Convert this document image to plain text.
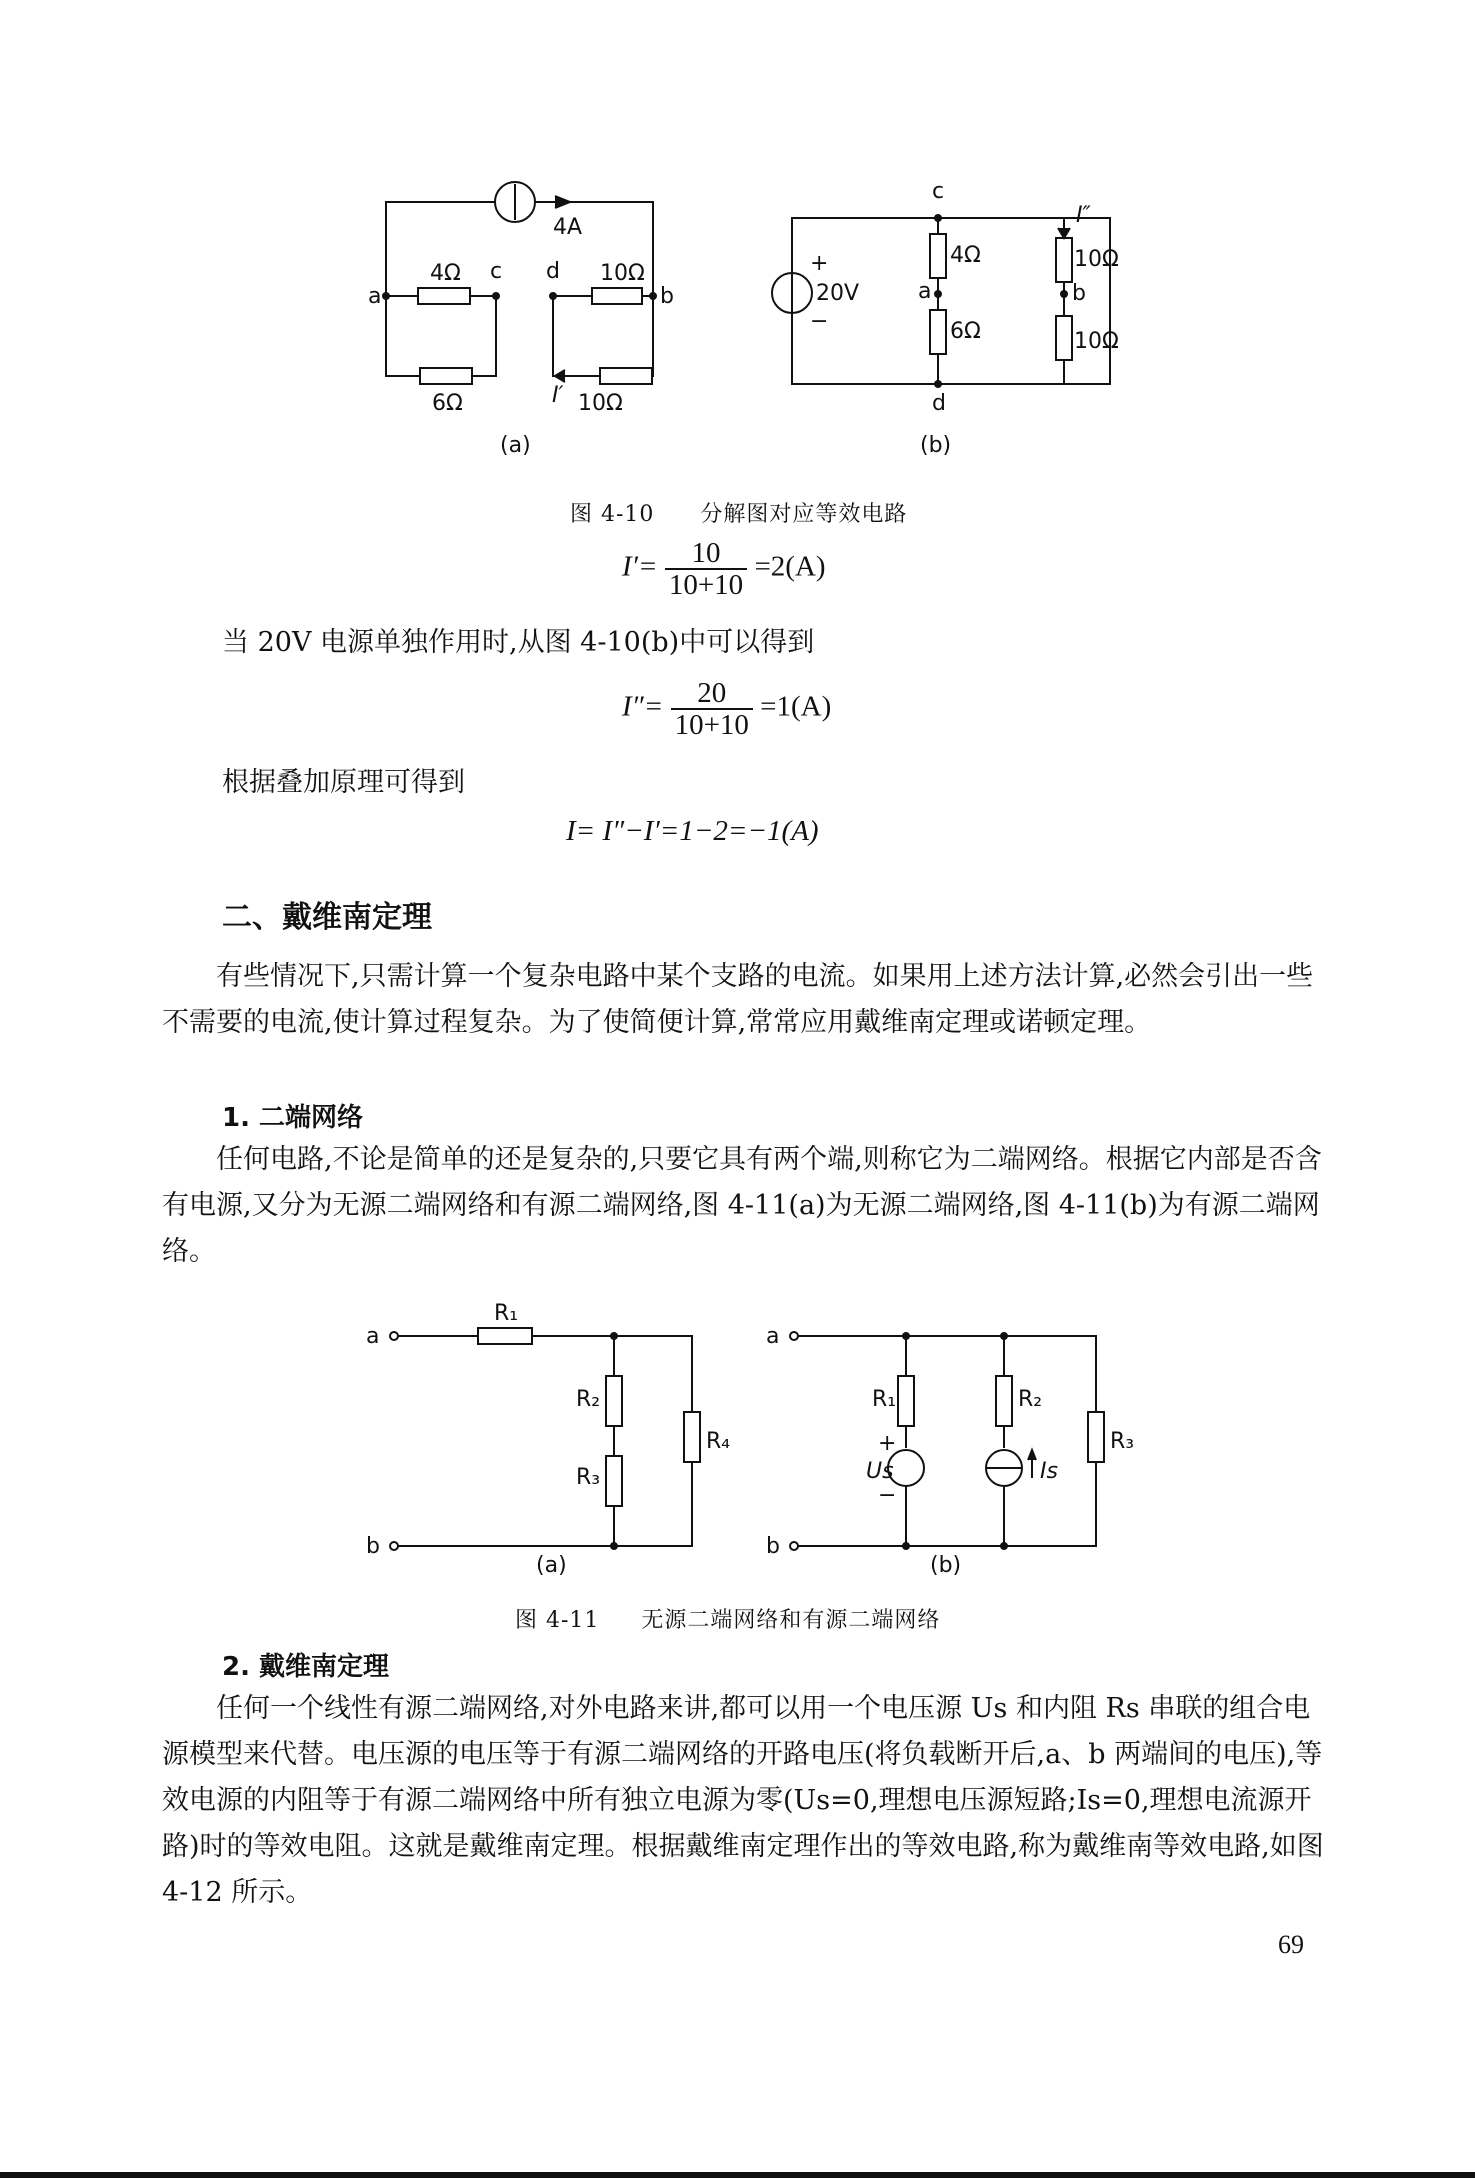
4A
4Ω
6Ω
10Ω
10Ω
a
c d
b
I′
(a)
c
d
a	b
4Ω
6Ω
10Ω
10Ω
I″
20V
+
−
(b)
图 4-10 分解图对应等效电路
$I'= \frac{10}{10+10} =2(A)$
当 20V 电源单独作用时,从图 4-10(b)中可以得到
$I''= \frac{20}{10+10} =1(A)$
根据叠加原理可得到
I= I″−I′=1−2=−1(A)
二、戴维南定理
有些情况下,只需计算一个复杂电路中某个支路的电流。如果用上述方法计算,必然会引出一些不需要的电流,使计算过程复杂。为了使简便计算,常常应用戴维南定理或诺顿定理。
1. 二端网络
任何电路,不论是简单的还是复杂的,只要它具有两个端,则称它为二端网络。根据它内部是否含有电源,又分为无源二端网络和有源二端网络,图 4-11(a)为无源二端网络,图 4-11(b)为有源二端网络。
a
b
R₁
R₂
R₃
R₄
(a)
a
b
R₁	R₂
R₃
+
Us
−
Is
(b)
图 4-11 无源二端网络和有源二端网络
2. 戴维南定理
任何一个线性有源二端网络,对外电路来讲,都可以用一个电压源 Us 和内阻 Rs 串联的组合电源模型来代替。电压源的电压等于有源二端网络的开路电压(将负载断开后,a、b 两端间的电压),等效电源的内阻等于有源二端网络中所有独立电源为零(Us=0,理想电压源短路;Is=0,理想电流源开路)时的等效电阻。这就是戴维南定理。根据戴维南定理作出的等效电路,称为戴维南等效电路,如图 4-12 所示。
69
